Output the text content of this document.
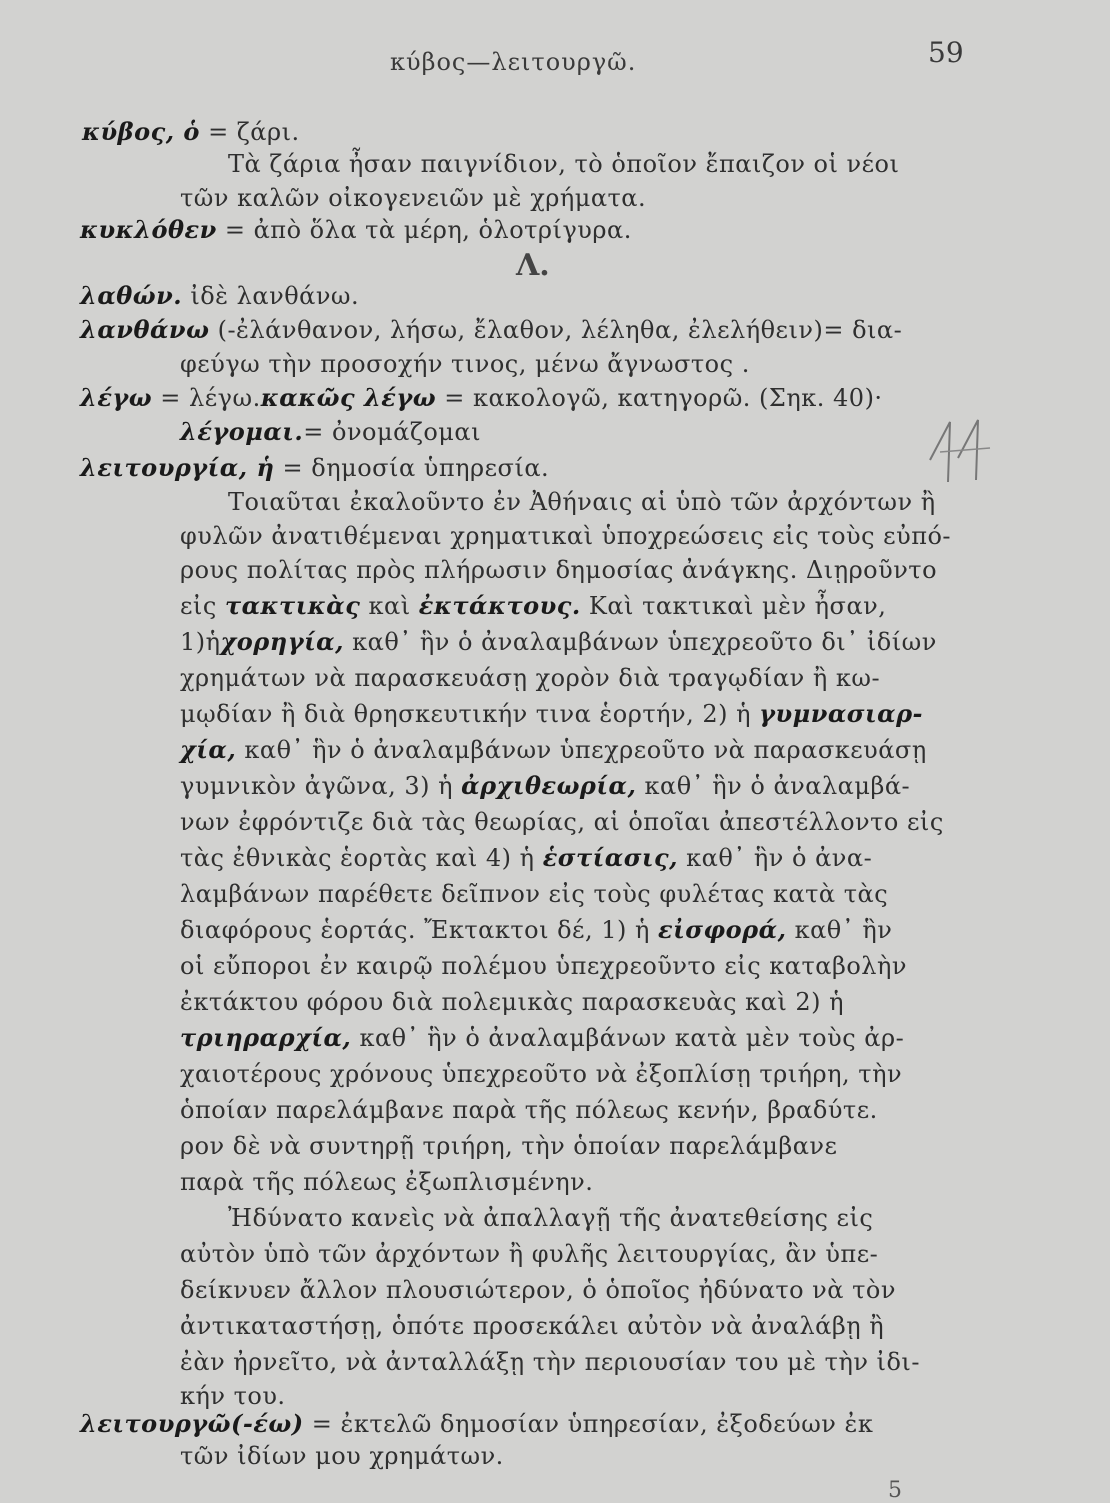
κύβος—λειτουργῶ.	59
κύβος, ὁ = ζάρι.
Τὰ ζάρια ἦσαν παιγνίδιον, τὸ ὁποῖον ἔπαιζον οἱ νέοι
τῶν καλῶν οἰκογενειῶν μὲ χρήματα.
κυκλόθεν = ἀπὸ ὅλα τὰ μέρη, ὁλοτρίγυρα.
Λ.
λαθών. ἰδὲ λανθάνω.
λανθάνω (-ἐλάνθανον, λήσω, ἔλαθον, λέληθα, ἐλελήθειν)= δια-
φεύγω τὴν προσοχήν τινος, μένω ἄγνωστος .
λέγω = λέγω.κακῶς λέγω = κακολογῶ, κατηγορῶ. (Σηκ. 40)·
λέγομαι.= ὀνομάζομαι
λειτουργία, ἡ = δημοσία ὑπηρεσία.
Τοιαῦται ἐκαλοῦντο ἐν Ἀθήναις αἱ ὑπὸ τῶν ἀρχόντων ἢ
φυλῶν ἀνατιθέμεναι χρηματικαὶ ὑποχρεώσεις εἰς τοὺς εὐπό-
ρους πολίτας πρὸς πλήρωσιν δημοσίας ἀνάγκης. Διῃροῦντο
εἰς τακτικὰς καὶ ἐκτάκτους. Καὶ τακτικαὶ μὲν ἦσαν,
1)ἡχορηγία, καθ᾽ ἣν ὁ ἀναλαμβάνων ὑπεχρεοῦτο δι᾽ ἰδίων
χρημάτων νὰ παρασκευάσῃ χορὸν διὰ τραγῳδίαν ἢ κω-
μῳδίαν ἢ διὰ θρησκευτικήν τινα ἑορτήν, 2) ἡ γυμνασιαρ-
χία, καθ᾽ ἣν ὁ ἀναλαμβάνων ὑπεχρεοῦτο νὰ παρασκευάσῃ
γυμνικὸν ἀγῶνα, 3) ἡ ἀρχιθεωρία, καθ᾽ ἣν ὁ ἀναλαμβά-
νων ἐφρόντιζε διὰ τὰς θεωρίας, αἱ ὁποῖαι ἀπεστέλλοντο εἰς
τὰς ἐθνικὰς ἑορτὰς καὶ 4) ἡ ἑστίασις, καθ᾽ ἣν ὁ ἀνα-
λαμβάνων παρέθετε δεῖπνον εἰς τοὺς φυλέτας κατὰ τὰς
διαφόρους ἑορτάς. Ἔκτακτοι δέ, 1) ἡ εἰσφορά, καθ᾽ ἣν
οἱ εὔποροι ἐν καιρῷ πολέμου ὑπεχρεοῦντο εἰς καταβολὴν
ἐκτάκτου φόρου διὰ πολεμικὰς παρασκευὰς καὶ 2) ἡ
τριηραρχία, καθ᾽ ἣν ὁ ἀναλαμβάνων κατὰ μὲν τοὺς ἀρ-
χαιοτέρους χρόνους ὑπεχρεοῦτο νὰ ἐξοπλίσῃ τριήρη, τὴν
ὁποίαν παρελάμβανε παρὰ τῆς πόλεως κενήν, βραδύτε.
ρον δὲ νὰ συντηρῇ τριήρη, τὴν ὁποίαν παρελάμβανε
παρὰ τῆς πόλεως ἐξωπλισμένην.
Ἠδύνατο κανεὶς νὰ ἀπαλλαγῇ τῆς ἀνατεθείσης εἰς
αὐτὸν ὑπὸ τῶν ἀρχόντων ἢ φυλῆς λειτουργίας, ἂν ὑπε-
δείκνυεν ἄλλον πλουσιώτερον, ὁ ὁποῖος ἠδύνατο νὰ τὸν
ἀντικαταστήσῃ, ὁπότε προσεκάλει αὐτὸν νὰ ἀναλάβῃ ἢ
ἐὰν ἠρνεῖτο, νὰ ἀνταλλάξῃ τὴν περιουσίαν του μὲ τὴν ἰδι-
κήν του.
λειτουργῶ(-έω) = ἐκτελῶ δημοσίαν ὑπηρεσίαν, ἐξοδεύων ἐκ
τῶν ἰδίων μου χρημάτων.
5
